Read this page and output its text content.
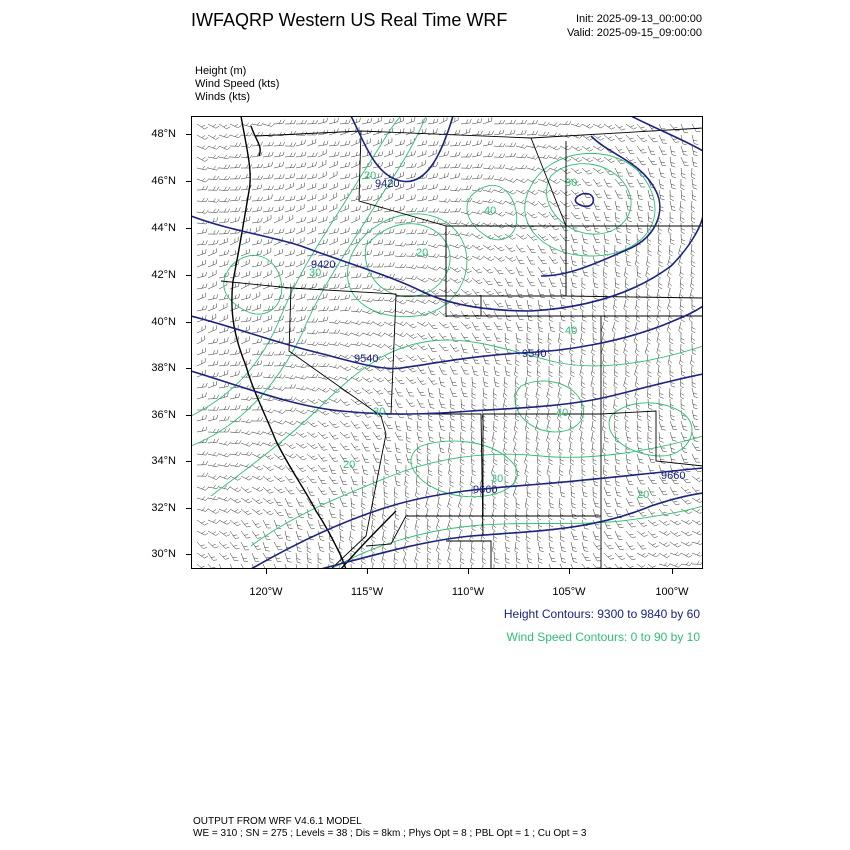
IWFAQRP Western US Real Time WRF	Init: 2025-09-13_00:00:00
Valid: 2025-09-15_09:00:00
Height (m)
Wind Speed (kts)
Winds (kts)
9420
9420
9540	9540
9660
9660
20
30
40
20
30
40
30
20
30
20
40
48°N
46°N
44°N
42°N
40°N
38°N
36°N
34°N
32°N
30°N
120°W	115°W	110°W	105°W	100°W
Height Contours: 9300 to 9840 by 60
Wind Speed Contours: 0 to 90 by 10
OUTPUT FROM WRF V4.6.1 MODEL
WE = 310 ; SN = 275 ; Levels = 38 ; Dis = 8km ; Phys Opt = 8 ; PBL Opt = 1 ; Cu Opt = 3
